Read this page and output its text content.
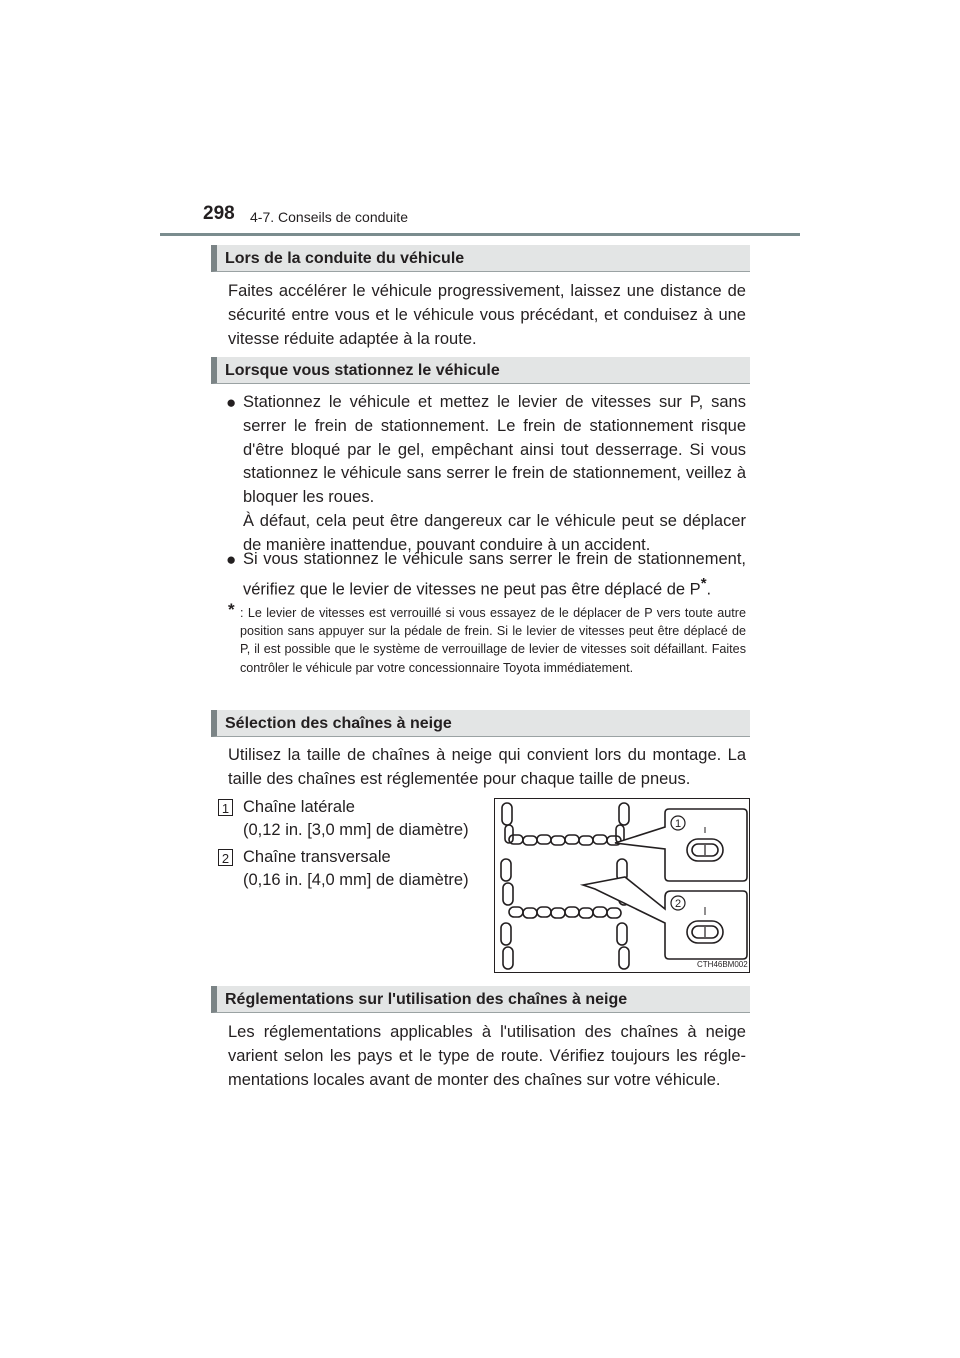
298 4-7. Conseils de conduite
Lors de la conduite du véhicule
Faites accélérer le véhicule progressivement, laissez une distance de sécurité entre vous et le véhicule vous précédant, et conduisez à une vitesse réduite adaptée à la route.
Lorsque vous stationnez le véhicule
● Stationnez le véhicule et mettez le levier de vitesses sur P, sans serrer le frein de stationnement. Le frein de stationnement risque d'être bloqué par le gel, empêchant ainsi tout desserrage. Si vous stationnez le véhicule sans serrer le frein de stationnement, veillez à bloquer les roues.

À défaut, cela peut être dangereux car le véhicule peut se déplacer de manière inattendue, pouvant conduire à un accident.

● Si vous stationnez le véhicule sans serrer le frein de stationnement, vérifiez que le levier de vitesses ne peut pas être déplacé de P*.
* : Le levier de vitesses est verrouillé si vous essayez de le déplacer de P vers toute autre position sans appuyer sur la pédale de frein. Si le levier de vitesses peut être déplacé de P, il est possible que le système de verrouillage de levier de vitesses soit défaillant. Faites contrôler le véhicule par votre concessionnaire Toyota immédiatement.
Sélection des chaînes à neige
Utilisez la taille de chaînes à neige qui convient lors du montage. La taille des chaînes est réglementée pour chaque taille de pneus.
1 Chaîne latérale
(0,12 in. [3,0 mm] de diamètre)
2 Chaîne transversale
(0,16 in. [4,0 mm] de diamètre)
1
2
CTH46BM002
Réglementations sur l'utilisation des chaînes à neige
Les réglementations applicables à l'utilisation des chaînes à neige varient selon les pays et le type de route. Vérifiez toujours les régle-mentations locales avant de monter des chaînes sur votre véhicule.
